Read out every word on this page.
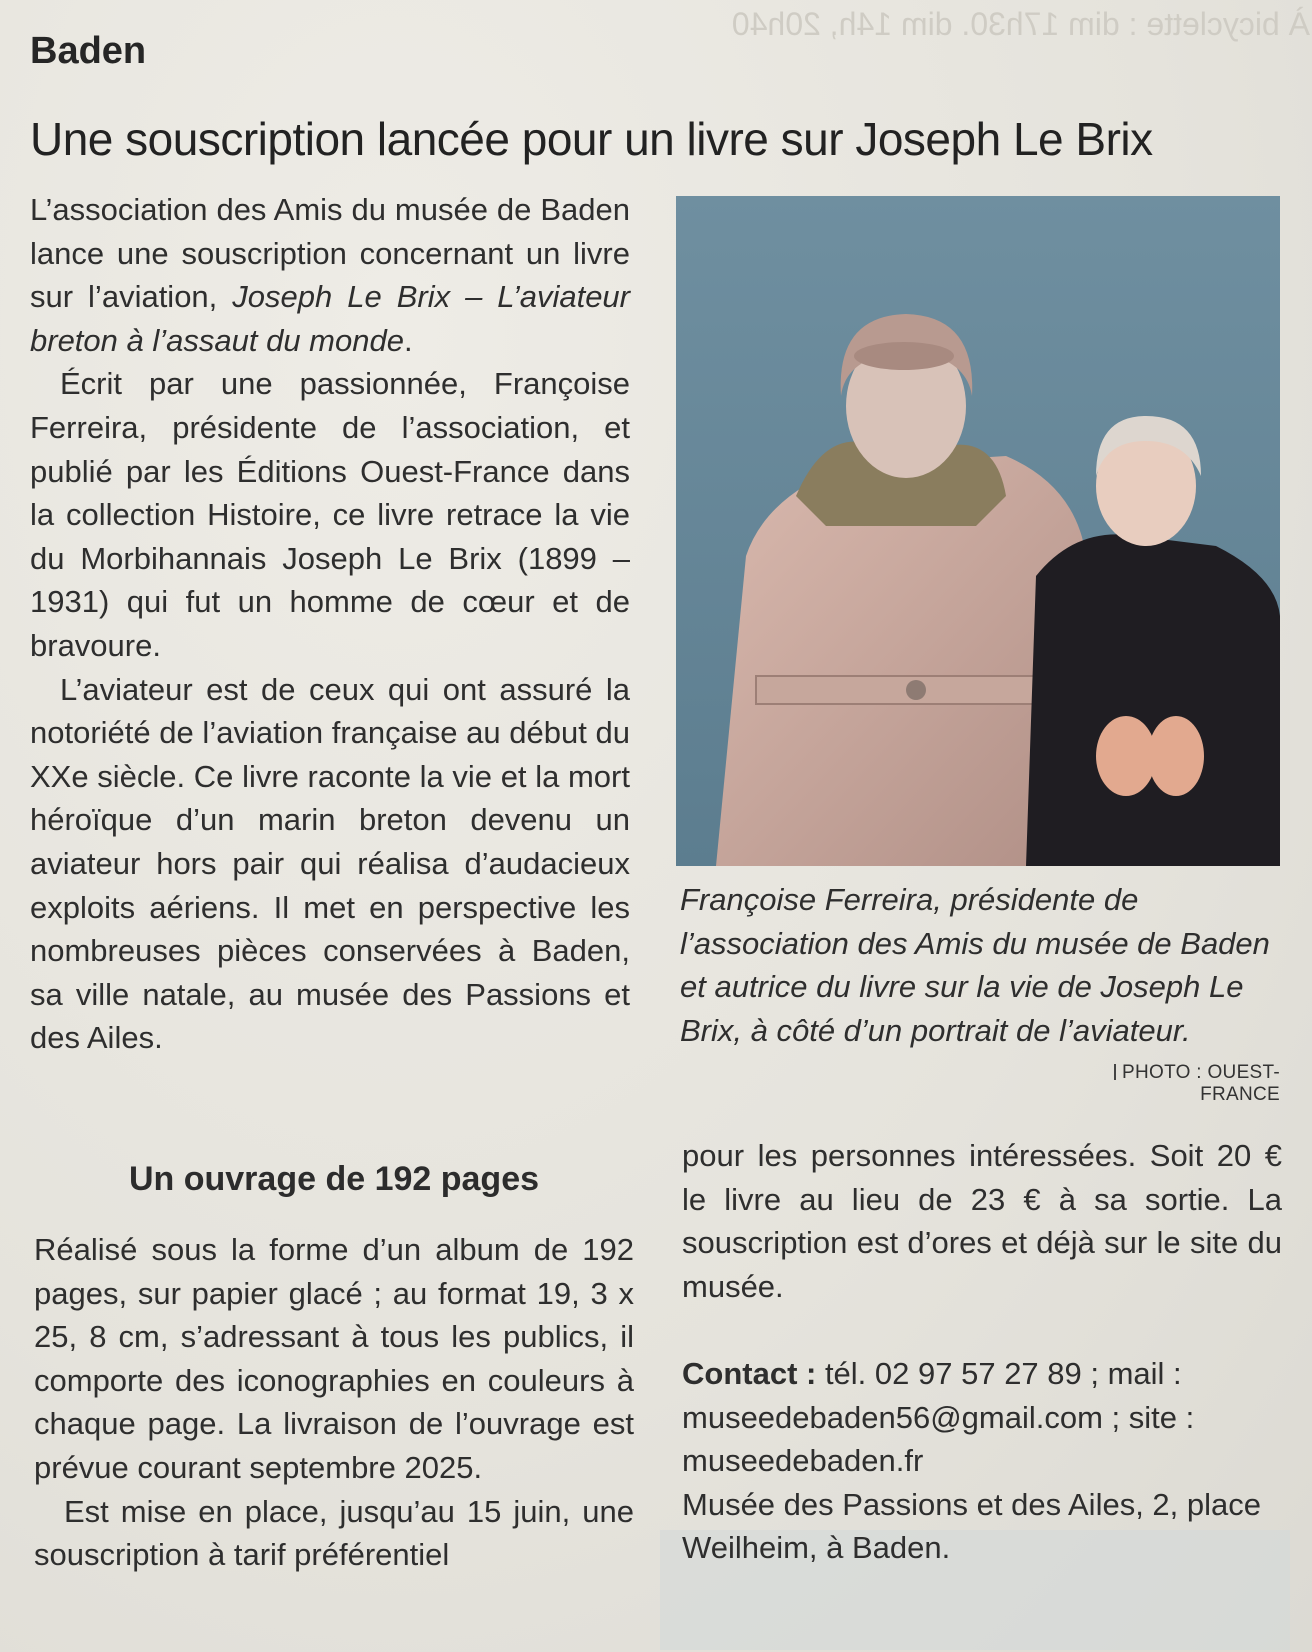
À bicyclette : dim 17h30. dim 14h, 20h40
Baden
Une souscription lancée pour un livre sur Joseph Le Brix

L’association des Amis du musée de Baden lance une souscription concernant un livre sur l’aviation, Joseph Le Brix – L’aviateur breton à l’assaut du monde.

Écrit par une passionnée, Françoise Ferreira, présidente de l’association, et publié par les Éditions Ouest-France dans la collection Histoire, ce livre retrace la vie du Morbihannais Joseph Le Brix (1899 – 1931) qui fut un homme de cœur et de bravoure.

L’aviateur est de ceux qui ont assuré la notoriété de l’aviation française au début du XXe siècle. Ce livre raconte la vie et la mort héroïque d’un marin breton devenu un aviateur hors pair qui réalisa d’audacieux exploits aériens. Il met en perspective les nombreuses pièces conservées à Baden, sa ville natale, au musée des Passions et des Ailes.

Un ouvrage de 192 pages

Réalisé sous la forme d’un album de 192 pages, sur papier glacé ; au format 19, 3 x 25, 8 cm, s’adressant à tous les publics, il comporte des iconographies en couleurs à chaque page. La livraison de l’ouvrage est prévue courant septembre 2025.

Est mise en place, jusqu’au 15 juin, une souscription à tarif préférentiel

Françoise Ferreira, présidente de l’association des Amis du musée de Baden et autrice du livre sur la vie de Joseph Le Brix, à côté d’un portrait de l’aviateur.
PHOTO : OUEST-FRANCE

pour les personnes intéressées. Soit 20 € le livre au lieu de 23 € à sa sortie. La souscription est d’ores et déjà sur le site du musée.

Contact : tél. 02 97 57 27 89 ; mail : museedebaden56@gmail.com ; site : museedebaden.fr

Musée des Passions et des Ailes, 2, place Weilheim, à Baden.
